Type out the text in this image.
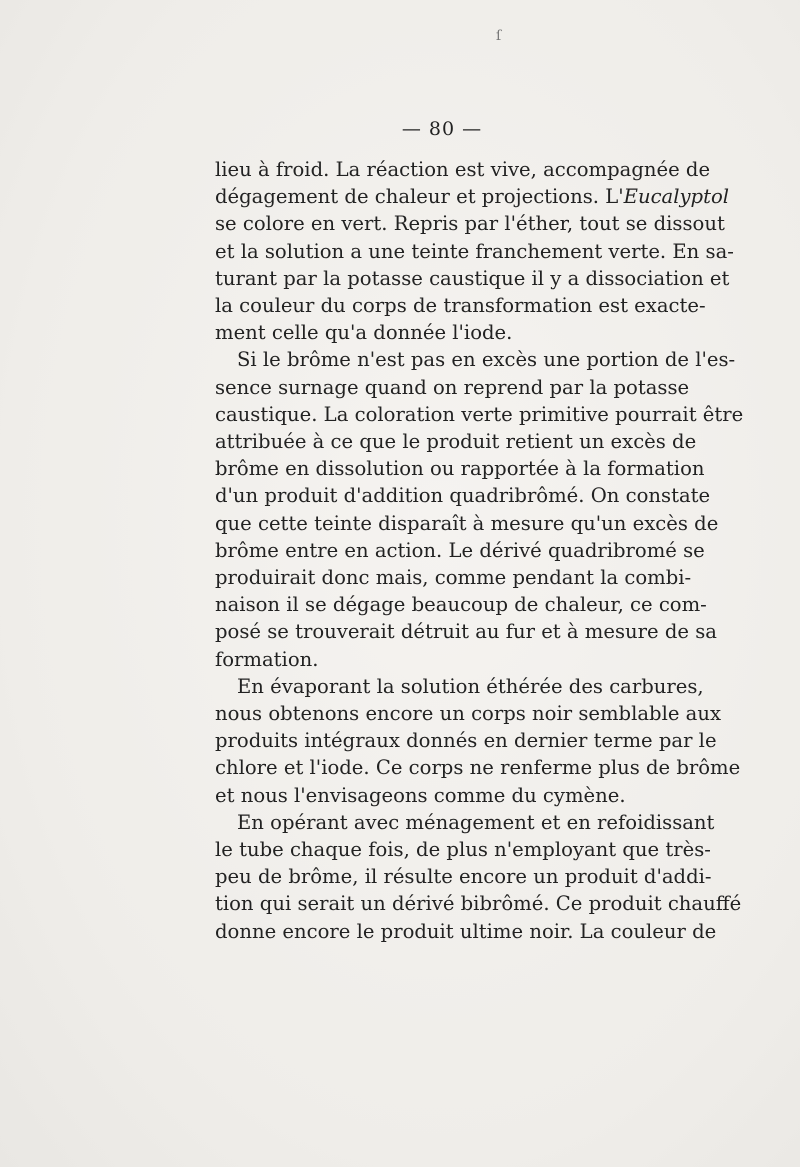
ſ
— 80 —
lieu à froid. La réaction est vive, accompagnée de
dégagement de chaleur et projections. L'Eucalyptol
se colore en vert. Repris par l'éther, tout se dissout
et la solution a une teinte franchement verte. En sa-
turant par la potasse caustique il y a dissociation et
la couleur du corps de transformation est exacte-
ment celle qu'a donnée l'iode.
Si le brôme n'est pas en excès une portion de l'es-
sence surnage quand on reprend par la potasse
caustique. La coloration verte primitive pourrait être
attribuée à ce que le produit retient un excès de
brôme en dissolution ou rapportée à la formation
d'un produit d'addition quadribrômé. On constate
que cette teinte disparaît à mesure qu'un excès de
brôme entre en action. Le dérivé quadribromé se
produirait donc mais, comme pendant la combi-
naison il se dégage beaucoup de chaleur, ce com-
posé se trouverait détruit au fur et à mesure de sa
formation.
En évaporant la solution éthérée des carbures,
nous obtenons encore un corps noir semblable aux
produits intégraux donnés en dernier terme par le
chlore et l'iode. Ce corps ne renferme plus de brôme
et nous l'envisageons comme du cymène.
En opérant avec ménagement et en refoidissant
le tube chaque fois, de plus n'employant que très-
peu de brôme, il résulte encore un produit d'addi-
tion qui serait un dérivé bibrômé. Ce produit chauffé
donne encore le produit ultime noir. La couleur de
